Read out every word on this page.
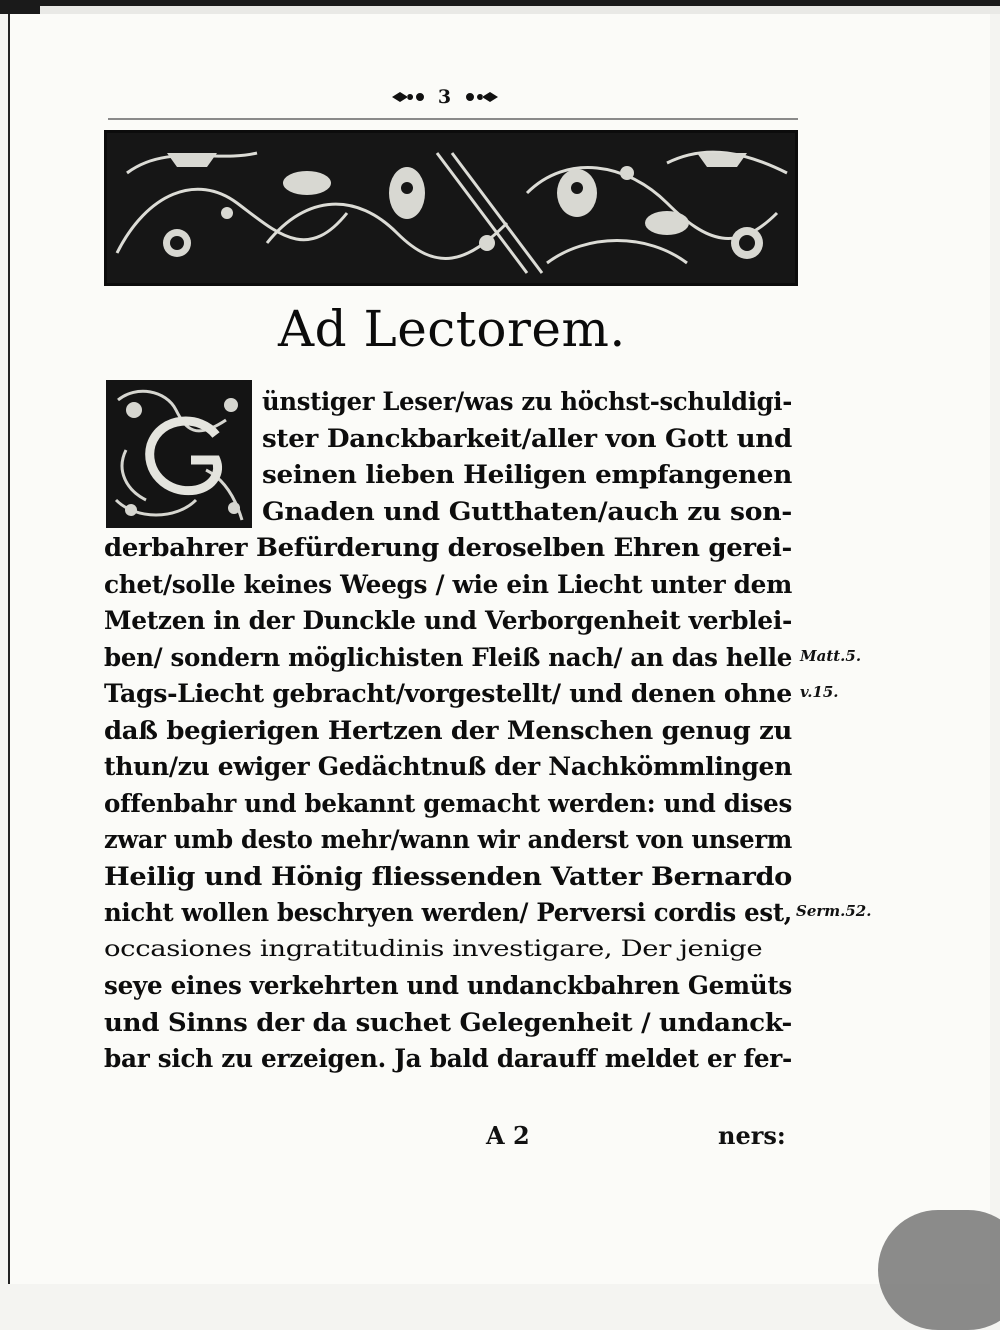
3
Ad Lectorem.
ünstiger Leser/was zu höchst-schuldigi-
ster Danckbarkeit/aller von Gott und
seinen lieben Heiligen empfangenen
Gnaden und Gutthaten/auch zu son-
derbahrer Befürderung deroselben Ehren gerei-
chet/solle keines Weegs / wie ein Liecht unter dem
Metzen in der Dunckle und Verborgenheit verblei-
ben/ sondern möglichisten Fleiß nach/ an das helle
Tags-Liecht gebracht/vorgestellt/ und denen ohne
daß begierigen Hertzen der Menschen genug zu
thun/zu ewiger Gedächtnuß der Nachkömmlingen
offenbahr und bekannt gemacht werden: und dises
zwar umb desto mehr/wann wir anderst von unserm
Heilig und Hönig fliessenden Vatter Bernardo
nicht wollen beschryen werden/ Perversi cordis est,
occasiones ingratitudinis investigare, Der jenige
seye eines verkehrten und undanckbahren Gemüts
und Sinns der da suchet Gelegenheit / undanck-
bar sich zu erzeigen. Ja bald darauff meldet er fer-
Matt.5.
v.15.
Serm.52.
A 2	ners:
